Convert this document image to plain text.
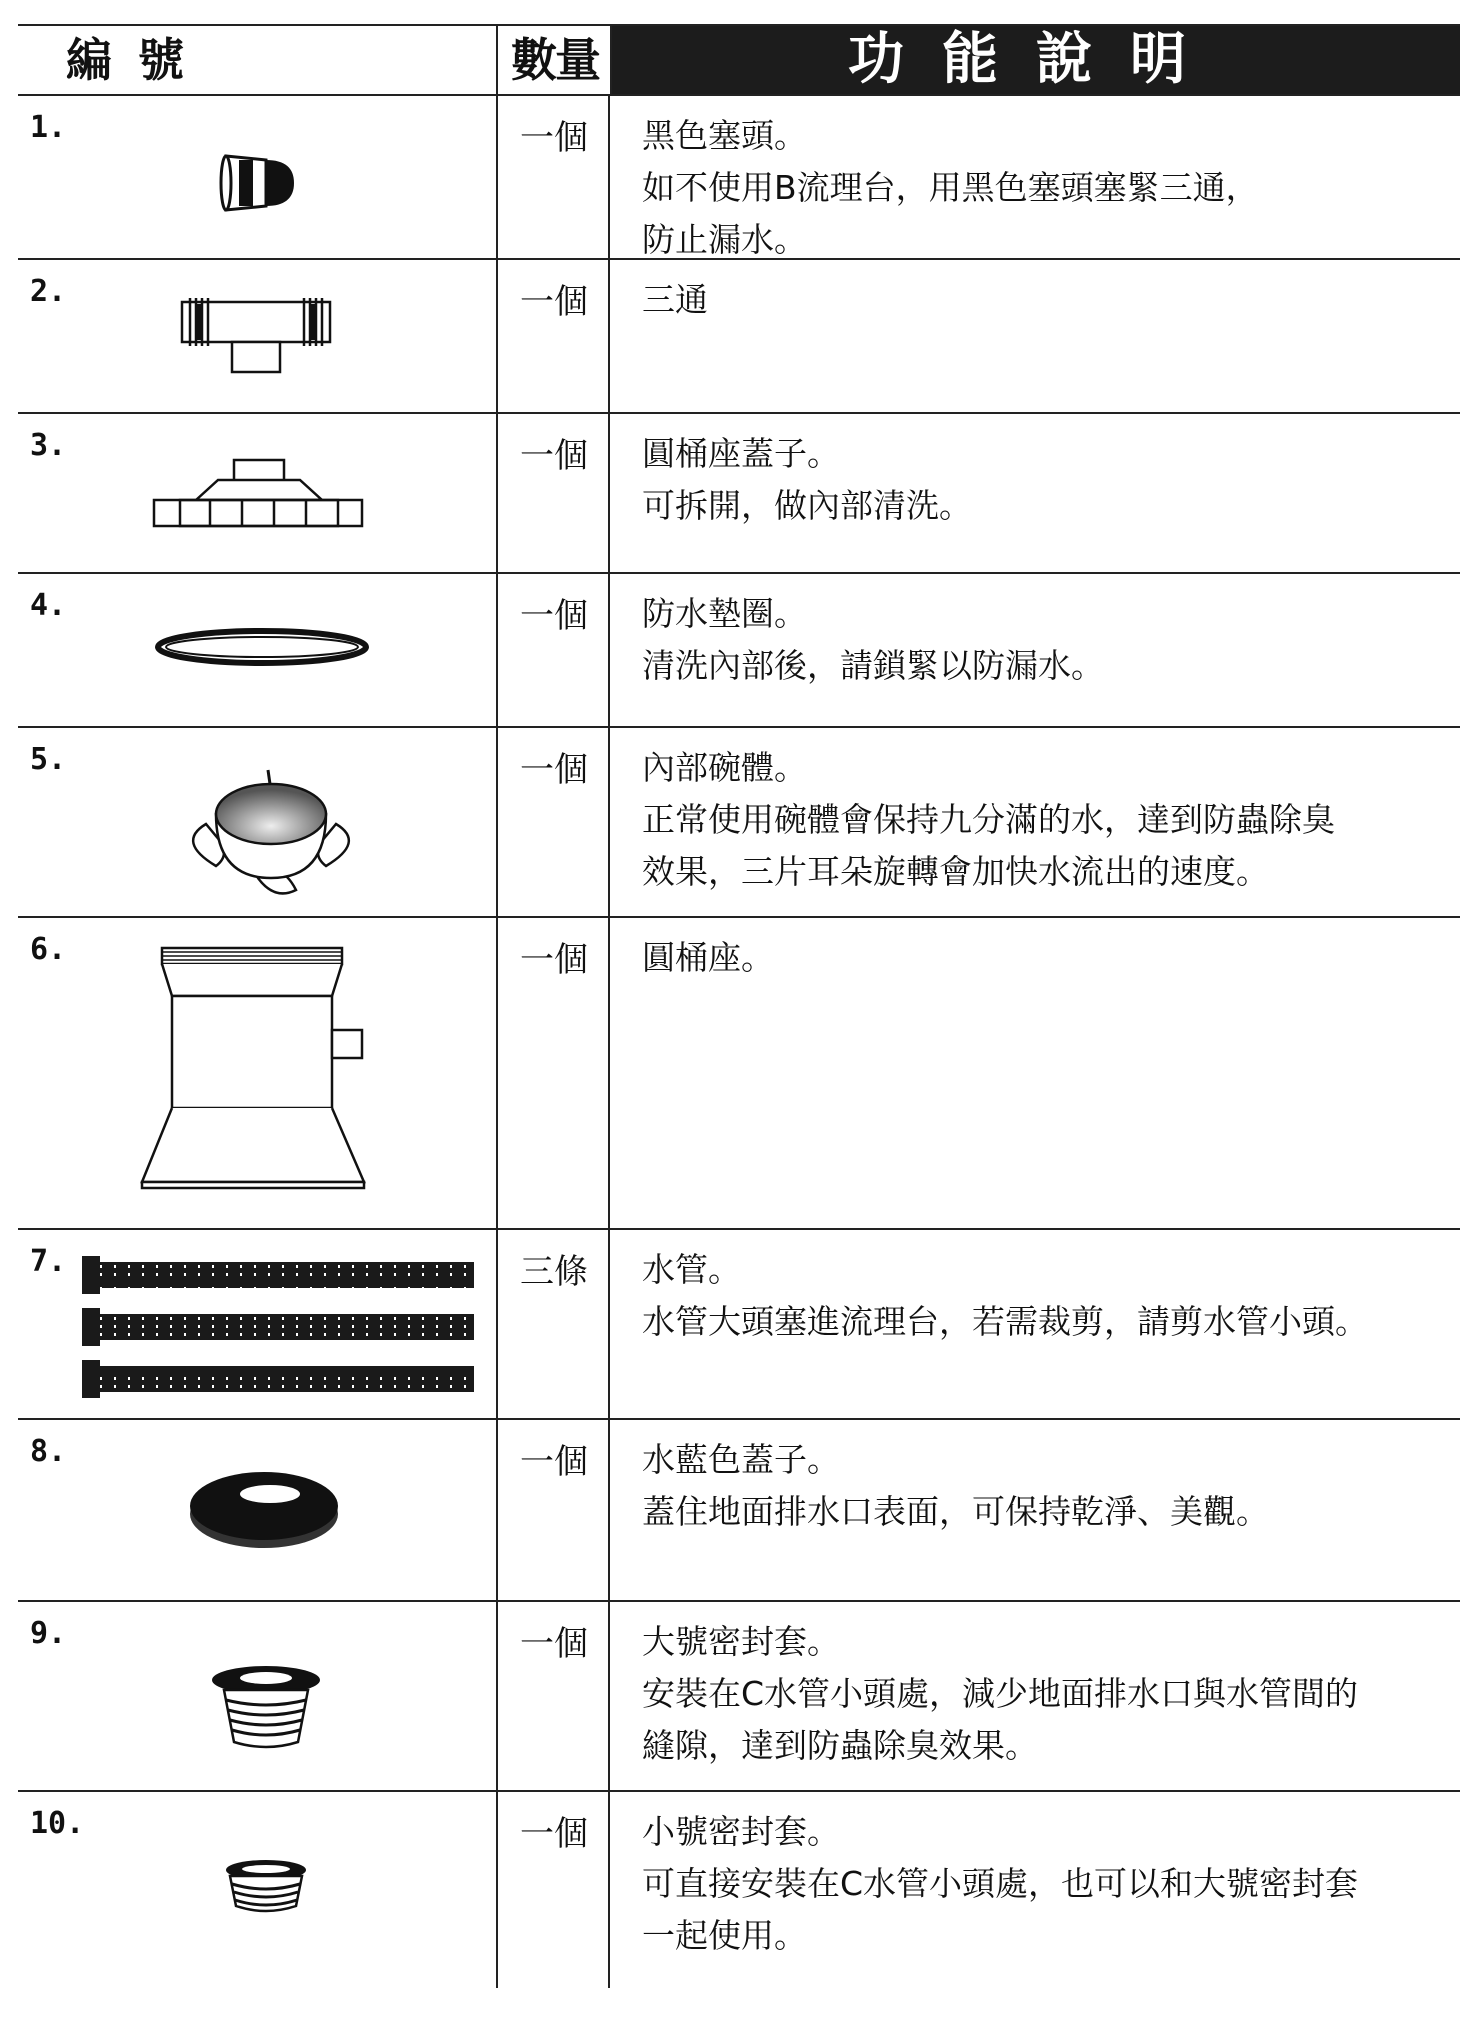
編號	數量	功能說明
1.	一個	黑色塞頭。
如不使用B流理台，用黑色塞頭塞緊三通，
防止漏水。
2.	一個	三通
3.	一個	圓桶座蓋子。
可拆開，做內部清洗。
4.	一個	防水墊圈。
清洗內部後，請鎖緊以防漏水。
5.	一個	內部碗體。
正常使用碗體會保持九分滿的水，達到防蟲除臭
效果，三片耳朵旋轉會加快水流出的速度。
6.	一個	圓桶座。
7.	三條	水管。
水管大頭塞進流理台，若需裁剪，請剪水管小頭。
8.	一個	水藍色蓋子。
蓋住地面排水口表面，可保持乾淨、美觀。
9.	一個	大號密封套。
安裝在C水管小頭處，減少地面排水口與水管間的
縫隙，達到防蟲除臭效果。
10.	一個	小號密封套。
可直接安裝在C水管小頭處，也可以和大號密封套
一起使用。
